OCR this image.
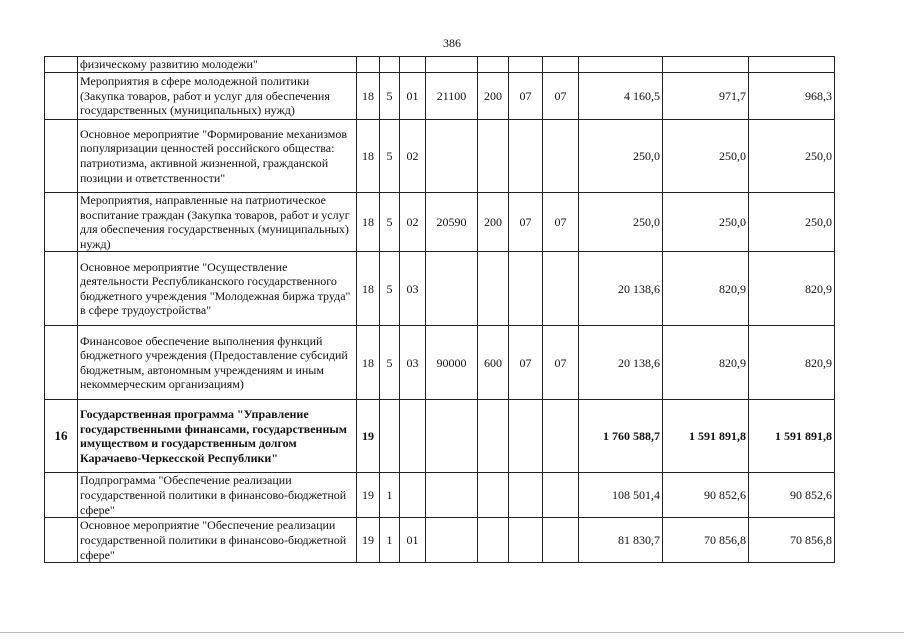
386
	физическому развитию молодежи"										
	Мероприятия в сфере молодежной политики (Закупка товаров, работ и услуг для обеспечения государственных (муниципальных) нужд)	18	5	01	21100	200	07	07	4 160,5	971,7	968,3
	Основное мероприятие "Формирование механизмов популяризации ценностей российского общества: патриотизма, активной жизненной, гражданской позиции и ответственности"	18	5	02					250,0	250,0	250,0
	Мероприятия, направленные на патриотическое воспитание граждан (Закупка товаров, работ и услуг для обеспечения государственных (муниципальных) нужд)	18	5	02	20590	200	07	07	250,0	250,0	250,0
	Основное мероприятие "Осуществление деятельности Республиканского государственного бюджетного учреждения "Молодежная биржа труда" в сфере трудоустройства"	18	5	03					20 138,6	820,9	820,9
	Финансовое обеспечение выполнения функций бюджетного учреждения (Предоставление субсидий бюджетным, автономным учреждениям и иным некоммерческим организациям)	18	5	03	90000	600	07	07	20 138,6	820,9	820,9
16	Государственная программа "Управление государственными финансами, государственным имуществом и государственным долгом Карачаево-Черкесской Республики"	19							1 760 588,7	1 591 891,8	1 591 891,8
	Подпрограмма "Обеспечение реализации государственной политики в финансово-бюджетной сфере"	19	1						108 501,4	90 852,6	90 852,6
	Основное мероприятие "Обеспечение реализации государственной политики в финансово-бюджетной сфере"	19	1	01					81 830,7	70 856,8	70 856,8
